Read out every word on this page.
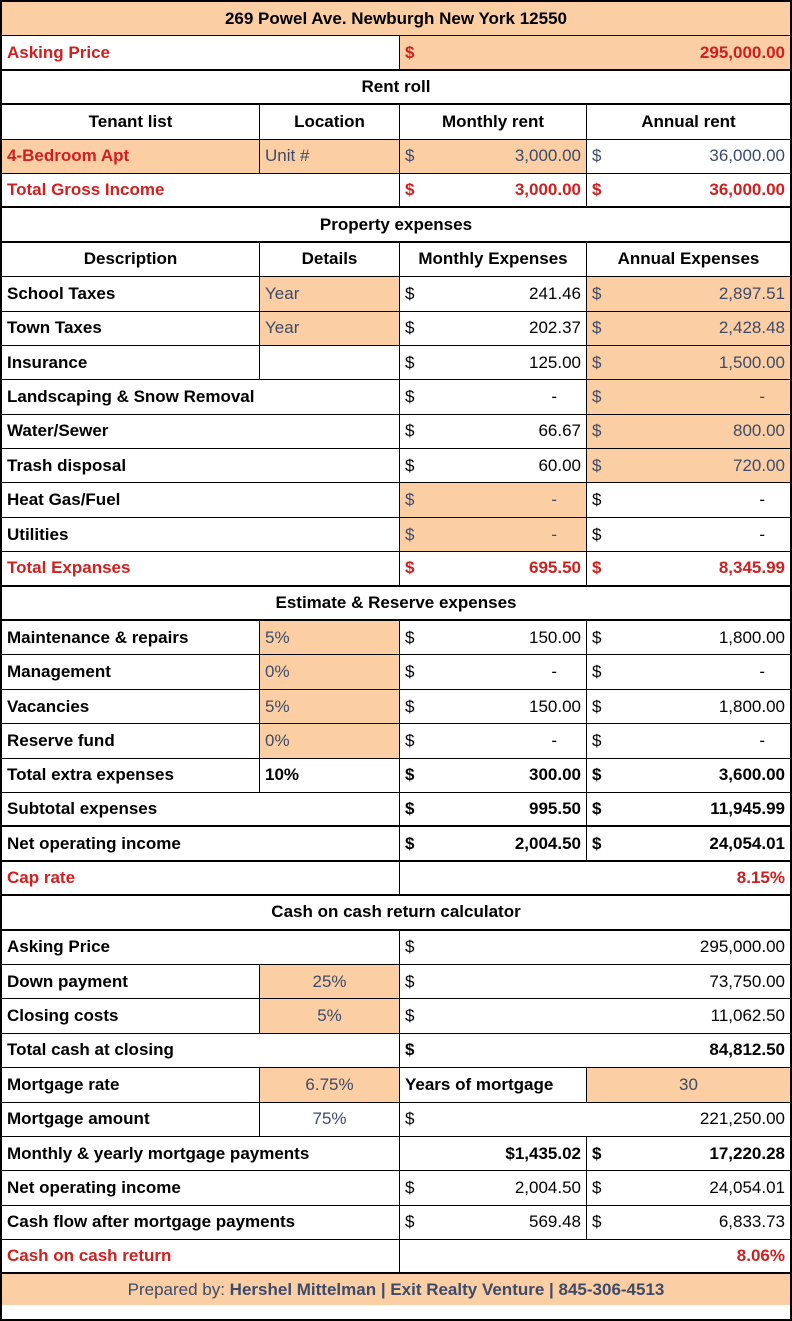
269 Powel Ave. Newburgh New York 12550
Asking Price	$	295,000.00
Rent roll
Tenant list	Location	Monthly rent	Annual rent
4-Bedroom Apt	Unit #	$	3,000.00 $	36,000.00
Total Gross Income	$	3,000.00 $	36,000.00
Property expenses
Description	Details	Monthly Expenses	Annual Expenses
School Taxes	Year	$	241.46 $	2,897.51
Town Taxes	Year	$	202.37 $	2,428.48
Insurance	$	125.00 $	1,500.00
Landscaping & Snow Removal	$	-	$	-
Water/Sewer	$	66.67 $	800.00
Trash disposal	$	60.00 $	720.00
Heat Gas/Fuel	$	-	$	-
Utilities	$	-	$	-
Total Expanses	$	695.50 $	8,345.99
Estimate & Reserve expenses
Maintenance & repairs	5%	$	150.00 $	1,800.00
Management	0%	$	-	$	-
Vacancies	5%	$	150.00 $	1,800.00
Reserve fund	0%	$	-	$	-
Total extra expenses	10%	$	300.00 $	3,600.00
Subtotal expenses	$	995.50 $	11,945.99
Net operating income	$	2,004.50 $	24,054.01
Cap rate	8.15%
Cash on cash return calculator
Asking Price	$	295,000.00
Down payment	25%	$	73,750.00
Closing costs	5%	$	11,062.50
Total cash at closing	$	84,812.50
Mortgage rate	6.75%	Years of mortgage	30
Mortgage amount	75%	$	221,250.00
Monthly & yearly mortgage payments	$1,435.02 $	17,220.28
Net operating income	$	2,004.50 $	24,054.01
Cash flow after mortgage payments	$	569.48 $	6,833.73
Cash on cash return	8.06%
Prepared by: Hershel Mittelman | Exit Realty Venture | 845-306-4513
